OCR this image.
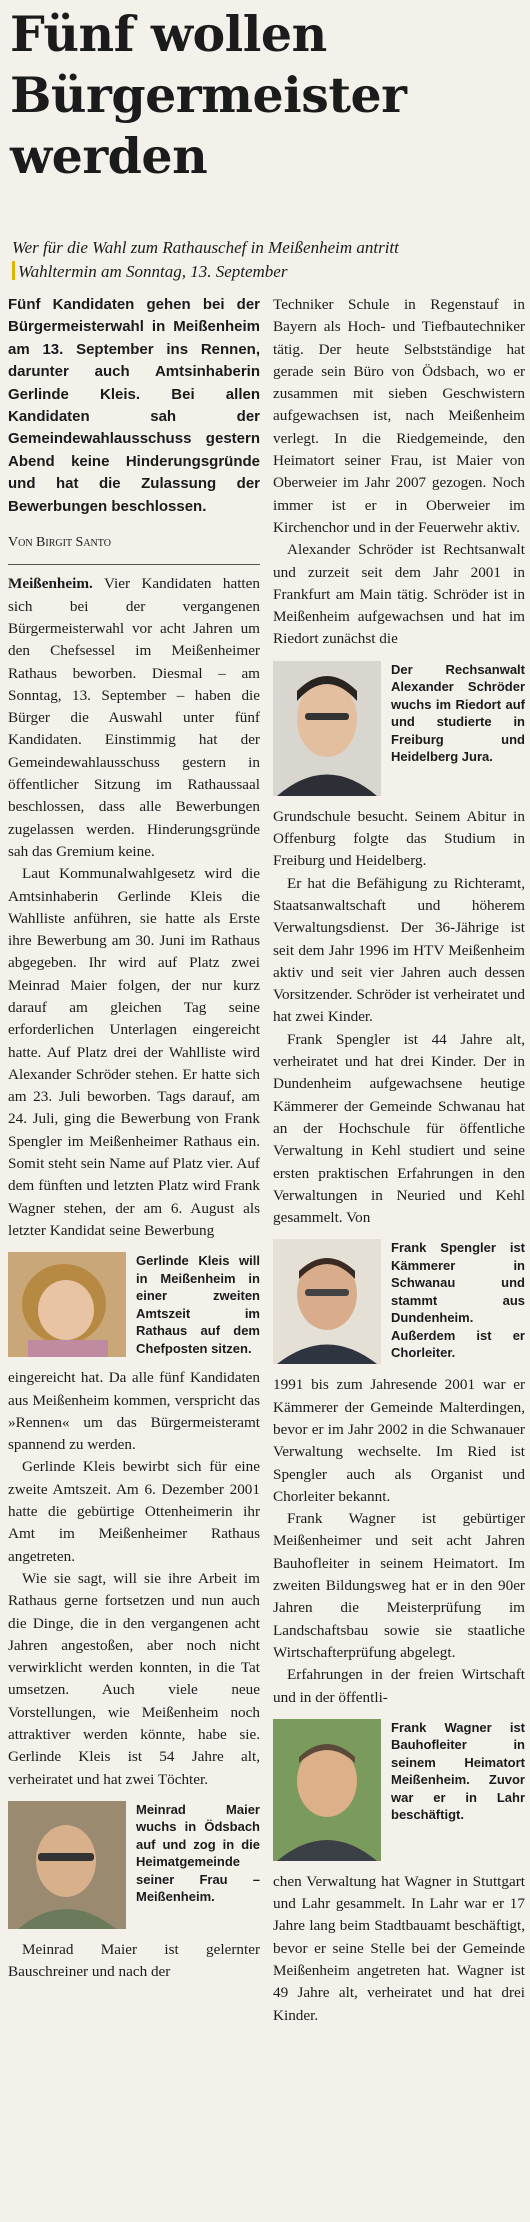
Fünf wollen Bürgermeister werden
Wer für die Wahl zum Rathauschef in Meißenheim antritt
Wahltermin am Sonntag, 13. September
Fünf Kandidaten gehen bei der Bürgermeisterwahl in Meißenheim am 13. September ins Rennen, darunter auch Amtsinhaberin Gerlinde Kleis. Bei allen Kandidaten sah der Gemeindewahlausschuss gestern Abend keine Hinderungsgründe und hat die Zulassung der Bewerbungen beschlossen.
Von Birgit Santo

Meißenheim. Vier Kandidaten hatten sich bei der vergangenen Bürgermeisterwahl vor acht Jahren um den Chefsessel im Meißenheimer Rathaus beworben. Diesmal – am Sonntag, 13. September – haben die Bürger die Auswahl unter fünf Kandidaten. Einstimmig hat der Gemeindewahlausschuss gestern in öffentlicher Sitzung im Rathaussaal beschlossen, dass alle Bewerbungen zugelassen werden. Hinderungsgründe sah das Gremium keine.

Laut Kommunalwahlgesetz wird die Amtsinhaberin Gerlinde Kleis die Wahlliste anführen, sie hatte als Erste ihre Bewerbung am 30. Juni im Rathaus abgegeben. Ihr wird auf Platz zwei Meinrad Maier folgen, der nur kurz darauf am gleichen Tag seine erforderlichen Unterlagen eingereicht hatte. Auf Platz drei der Wahlliste wird Alexander Schröder stehen. Er hatte sich am 23. Juli beworben. Tags darauf, am 24. Juli, ging die Bewerbung von Frank Spengler im Meißenheimer Rathaus ein. Somit steht sein Name auf Platz vier. Auf dem fünften und letzten Platz wird Frank Wagner stehen, der am 6. August als letzter Kandidat seine Bewerbung

Gerlinde Kleis will in Meißenheim in einer zweiten Amtszeit im Rathaus auf dem Chefposten sitzen.

eingereicht hat. Da alle fünf Kandidaten aus Meißenheim kommen, verspricht das »Rennen« um das Bürgermeisteramt spannend zu werden.

Gerlinde Kleis bewirbt sich für eine zweite Amtszeit. Am 6. Dezember 2001 hatte die gebürtige Ottenheimerin ihr Amt im Meißenheimer Rathaus angetreten.

Wie sie sagt, will sie ihre Arbeit im Rathaus gerne fortsetzen und nun auch die Dinge, die in den vergangenen acht Jahren angestoßen, aber noch nicht verwirklicht werden konnten, in die Tat umsetzen. Auch viele neue Vorstellungen, wie Meißenheim noch attraktiver werden könnte, habe sie. Gerlinde Kleis ist 54 Jahre alt, verheiratet und hat zwei Töchter.

Meinrad Maier wuchs in Ödsbach auf und zog in die Heimatgemeinde seiner Frau – Meißenheim.

Meinrad Maier ist gelernter Bauschreiner und nach der

Techniker Schule in Regenstauf in Bayern als Hoch- und Tiefbautechniker tätig. Der heute Selbstständige hat gerade sein Büro von Ödsbach, wo er zusammen mit sieben Geschwistern aufgewachsen ist, nach Meißenheim verlegt. In die Riedgemeinde, den Heimatort seiner Frau, ist Maier von Oberweier im Jahr 2007 gezogen. Noch immer ist er in Oberweier im Kirchenchor und in der Feuerwehr aktiv.

Alexander Schröder ist Rechtsanwalt und zurzeit seit dem Jahr 2001 in Frankfurt am Main tätig. Schröder ist in Meißenheim aufgewachsen und hat im Riedort zunächst die

Der Rechsanwalt Alexander Schröder wuchs im Riedort auf und studierte in Freiburg und Heidelberg Jura.

Grundschule besucht. Seinem Abitur in Offenburg folgte das Studium in Freiburg und Heidelberg.

Er hat die Befähigung zu Richteramt, Staatsanwaltschaft und höherem Verwaltungsdienst. Der 36-Jährige ist seit dem Jahr 1996 im HTV Meißenheim aktiv und seit vier Jahren auch dessen Vorsitzender. Schröder ist verheiratet und hat zwei Kinder.

Frank Spengler ist 44 Jahre alt, verheiratet und hat drei Kinder. Der in Dundenheim aufgewachsene heutige Kämmerer der Gemeinde Schwanau hat an der Hochschule für öffentliche Verwaltung in Kehl studiert und seine ersten praktischen Erfahrungen in den Verwaltungen in Neuried und Kehl gesammelt. Von

Frank Spengler ist Kämmerer in Schwanau und stammt aus Dundenheim. Außerdem ist er Chorleiter.

1991 bis zum Jahresende 2001 war er Kämmerer der Gemeinde Malterdingen, bevor er im Jahr 2002 in die Schwanauer Verwaltung wechselte. Im Ried ist Spengler auch als Organist und Chorleiter bekannt.

Frank Wagner ist gebürtiger Meißenheimer und seit acht Jahren Bauhofleiter in seinem Heimatort. Im zweiten Bildungsweg hat er in den 90er Jahren die Meisterprüfung im Landschaftsbau sowie sie staatliche Wirtschafterprüfung abgelegt.

Erfahrungen in der freien Wirtschaft und in der öffentli-

Frank Wagner ist Bauhofleiter in seinem Heimatort Meißenheim. Zuvor war er in Lahr beschäftigt.

chen Verwaltung hat Wagner in Stuttgart und Lahr gesammelt. In Lahr war er 17 Jahre lang beim Stadtbauamt beschäftigt, bevor er seine Stelle bei der Gemeinde Meißenheim angetreten hat. Wagner ist 49 Jahre alt, verheiratet und hat drei Kinder.
